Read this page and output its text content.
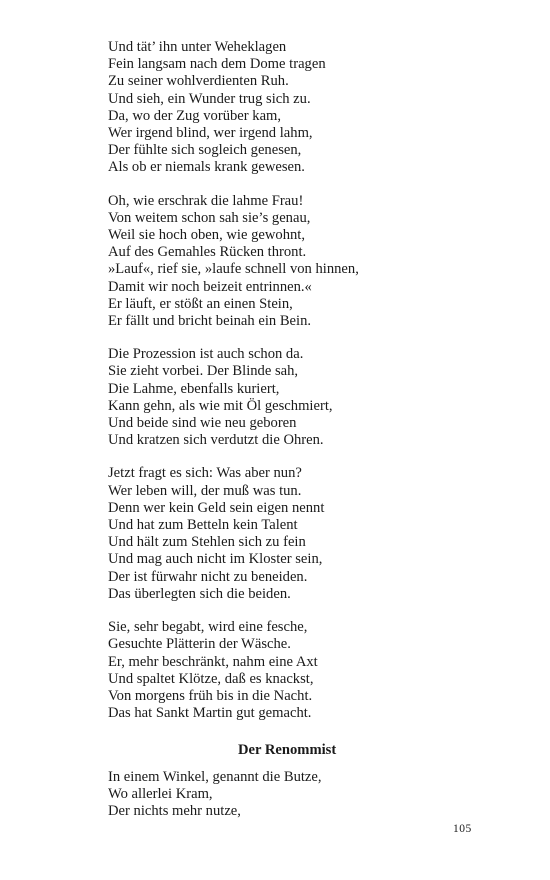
Und tät’ ihn unter Weheklagen
Fein langsam nach dem Dome tragen
Zu seiner wohlverdienten Ruh.
Und sieh, ein Wunder trug sich zu.
Da, wo der Zug vorüber kam,
Wer irgend blind, wer irgend lahm,
Der fühlte sich sogleich genesen,
Als ob er niemals krank gewesen.
Oh, wie erschrak die lahme Frau!
Von weitem schon sah sie’s genau,
Weil sie hoch oben, wie gewohnt,
Auf des Gemahles Rücken thront.
»Lauf«, rief sie, »laufe schnell von hinnen,
Damit wir noch beizeit entrinnen.«
Er läuft, er stößt an einen Stein,
Er fällt und bricht beinah ein Bein.
Die Prozession ist auch schon da.
Sie zieht vorbei. Der Blinde sah,
Die Lahme, ebenfalls kuriert,
Kann gehn, als wie mit Öl geschmiert,
Und beide sind wie neu geboren
Und kratzen sich verdutzt die Ohren.
Jetzt fragt es sich: Was aber nun?
Wer leben will, der muß was tun.
Denn wer kein Geld sein eigen nennt
Und hat zum Betteln kein Talent
Und hält zum Stehlen sich zu fein
Und mag auch nicht im Kloster sein,
Der ist fürwahr nicht zu beneiden.
Das überlegten sich die beiden.
Sie, sehr begabt, wird eine fesche,
Gesuchte Plätterin der Wäsche.
Er, mehr beschränkt, nahm eine Axt
Und spaltet Klötze, daß es knackst,
Von morgens früh bis in die Nacht.
Das hat Sankt Martin gut gemacht.
Der Renommist
In einem Winkel, genannt die Butze,
Wo allerlei Kram,
Der nichts mehr nutze,
105
